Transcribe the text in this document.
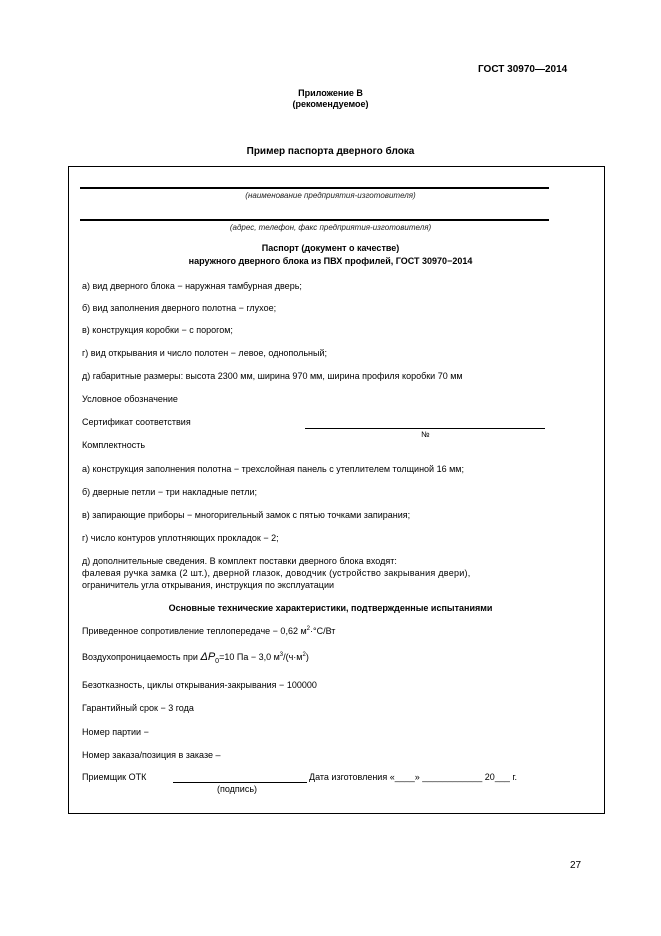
ГОСТ 30970—2014
Приложение В
(рекомендуемое)
Пример паспорта дверного блока
(наименование предприятия-изготовителя)
(адрес, телефон, факс предприятия-изготовителя)
Паспорт (документ о качестве)
наружного дверного блока из ПВХ профилей, ГОСТ 30970−2014
а) вид дверного блока − наружная тамбурная дверь;
б) вид заполнения дверного полотна − глухое;
в) конструкция коробки − с порогом;
г) вид открывания и число полотен − левое, однопольный;
д) габаритные размеры: высота 2300 мм, ширина 970 мм, ширина профиля коробки 70 мм
Условное обозначение
Сертификат соответствия
№
Комплектность
а) конструкция заполнения полотна − трехслойная панель с утеплителем толщиной 16 мм;
б) дверные петли − три накладные петли;
в) запирающие приборы − многоригельный замок с пятью точками запирания;
г) число контуров уплотняющих прокладок − 2;
д) дополнительные сведения. В комплект поставки дверного блока входят:
фалевая ручка замка (2 шт.), дверной глазок, доводчик (устройство закрывания двери),
ограничитель угла открывания, инструкция по эксплуатации
Основные технические характеристики, подтвержденные испытаниями
Приведенное сопротивление теплопередаче − 0,62 $м^2\cdot^\circ С/Вт$
Воздухопроницаемость при $\Delta P_0=10$ Па − 3,0 $м^3/(ч\cdot м^2)$
Безотказность, циклы открывания-закрывания − 100000
Гарантийный срок − 3 года
Номер партии −
Номер заказа/позиция в заказе –
Приемщик ОТК	Дата изготовления «____» ____________ 20___ г.
(подпись)
27
